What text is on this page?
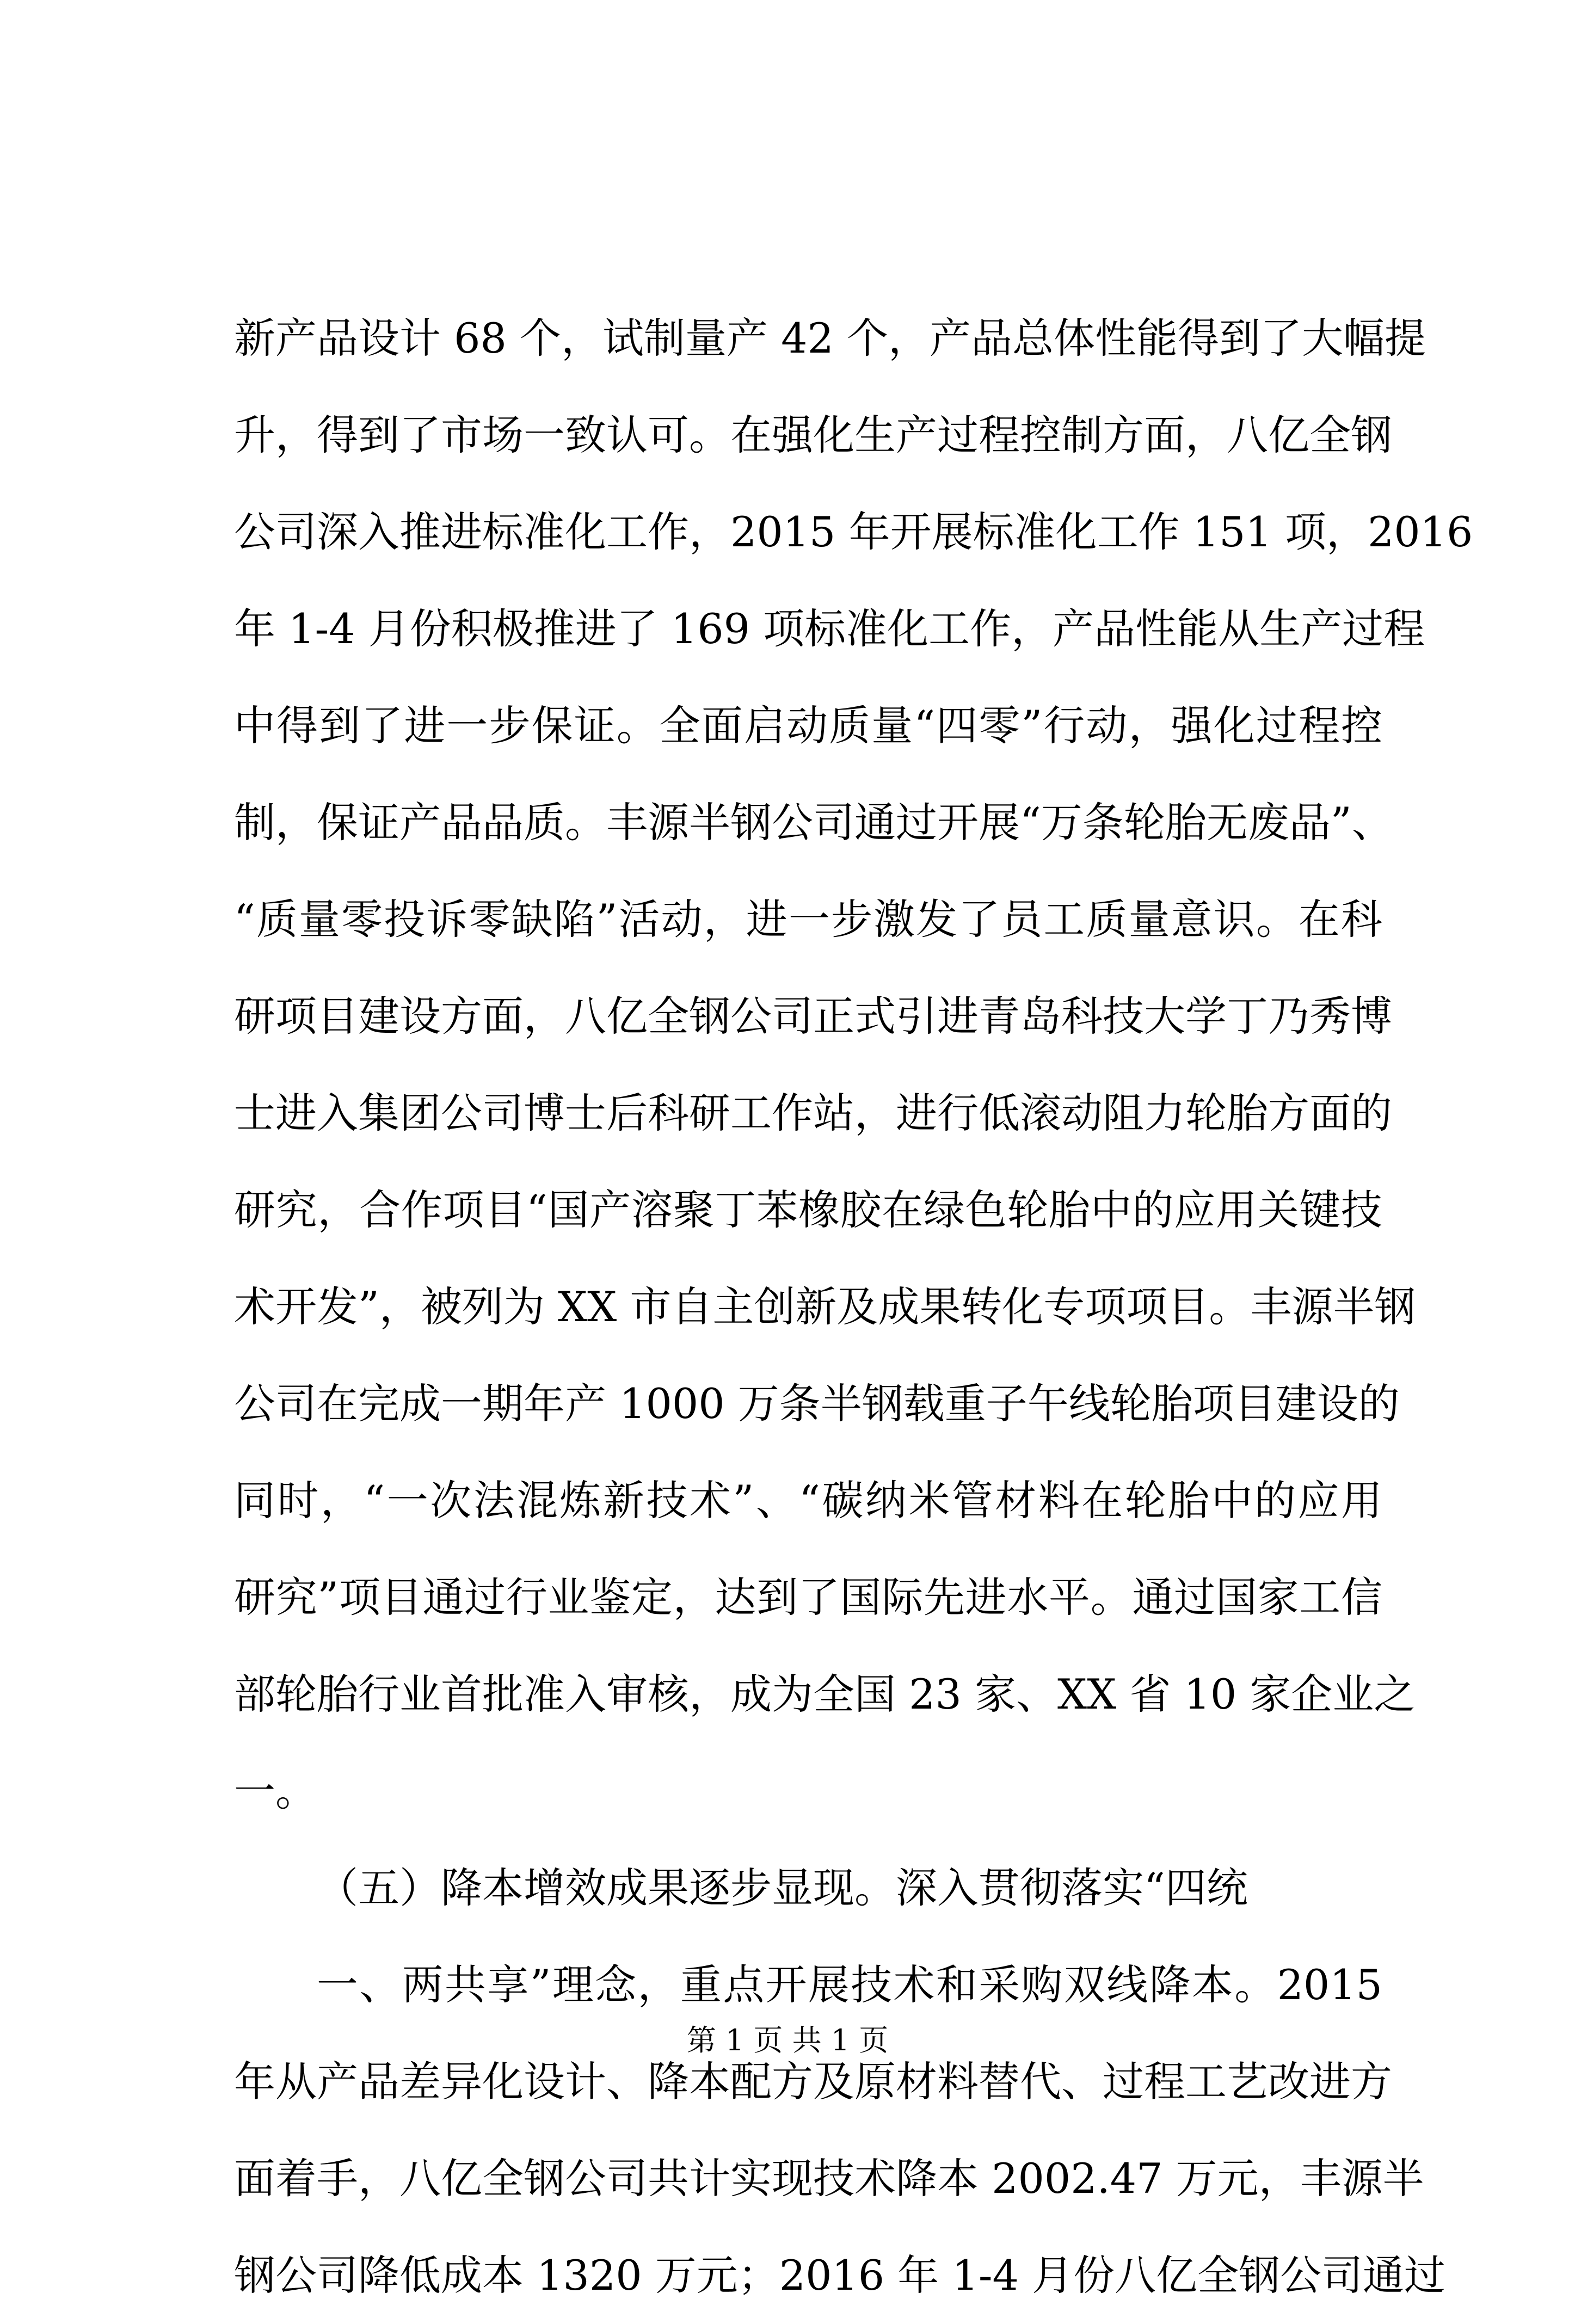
新产品设计 68 个，试制量产 42 个，产品总体性能得到了大幅提
升，得到了市场一致认可。在强化生产过程控制方面，八亿全钢
公司深入推进标准化工作，2015 年开展标准化工作 151 项，2016
年 1-4 月份积极推进了 169 项标准化工作，产品性能从生产过程
中得到了进一步保证。全面启动质量“四零”行动，强化过程控
制，保证产品品质。丰源半钢公司通过开展“万条轮胎无废品”、
“质量零投诉零缺陷”活动，进一步激发了员工质量意识。在科
研项目建设方面，八亿全钢公司正式引进青岛科技大学丁乃秀博
士进入集团公司博士后科研工作站，进行低滚动阻力轮胎方面的
研究，合作项目“国产溶聚丁苯橡胶在绿色轮胎中的应用关键技
术开发”，被列为 XX 市自主创新及成果转化专项项目。丰源半钢
公司在完成一期年产 1000 万条半钢载重子午线轮胎项目建设的
同时，“一次法混炼新技术”、“碳纳米管材料在轮胎中的应用
研究”项目通过行业鉴定，达到了国际先进水平。通过国家工信
部轮胎行业首批准入审核，成为全国 23 家、XX 省 10 家企业之
一。
（五）降本增效成果逐步显现。深入贯彻落实“四统
一、两共享”理念，重点开展技术和采购双线降本。2015
年从产品差异化设计、降本配方及原材料替代、过程工艺改进方
面着手，八亿全钢公司共计实现技术降本 2002.47 万元，丰源半
钢公司降低成本 1320 万元；2016 年 1-4 月份八亿全钢公司通过
第 1 页 共 1 页
